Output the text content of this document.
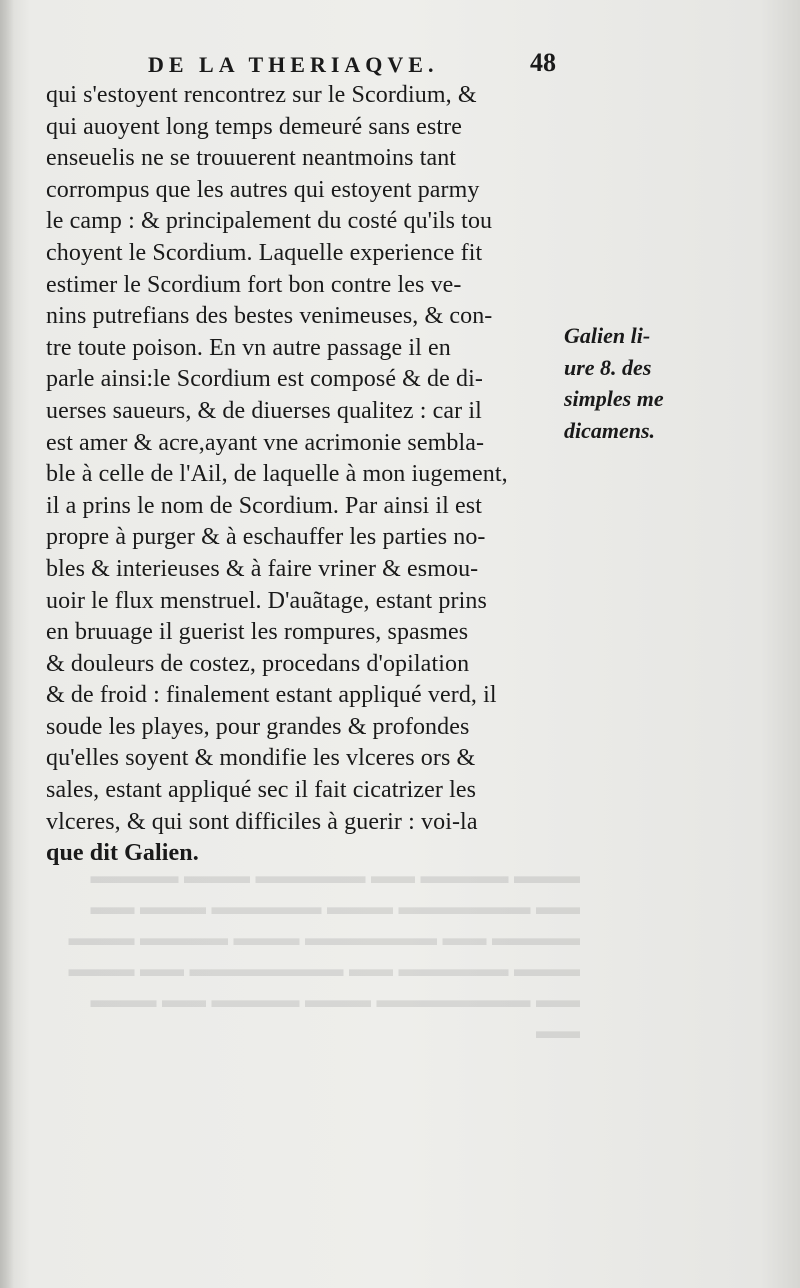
DE LA THERIAQVE.	48
qui s'estoyent rencontrez sur le Scordium, &
qui auoyent long temps demeuré sans estre
enseuelis ne se trouuerent neantmoins tant
corrompus que les autres qui estoyent parmy
le camp : & principalement du costé qu'ils tou
choyent le Scordium. Laquelle experience fit
estimer le Scordium fort bon contre les ve-
nins putrefians des bestes venimeuses, & con-
tre toute poison. En vn autre passage il en
parle ainsi:le Scordium est composé & de di-
uerses saueurs, & de diuerses qualitez : car il
est amer & acre,ayant vne acrimonie sembla-
ble à celle de l'Ail, de laquelle à mon iugement,
il a prins le nom de Scordium. Par ainsi il est
propre à purger & à eschauffer les parties no-
bles & interieuses & à faire vriner & esmou-
uoir le flux menstruel. D'auãtage, estant prins
en bruuage il guerist les rompures, spasmes
& douleurs de costez, procedans d'opilation
& de froid : finalement estant appliqué verd, il
soude les playes, pour grandes & profondes
qu'elles soyent & mondifie les vlceres ors &
sales, estant appliqué sec il fait cicatrizer les
vlceres, & qui sont difficiles à guerir : voi-la
que dit Galien.
Galien li-
ure 8. des
simples me
dicamens.
▬▬▬ ▬▬▬▬ ▬▬ ▬▬▬▬▬ ▬▬▬ ▬▬▬▬
▬▬ ▬▬▬▬▬▬ ▬▬▬ ▬▬▬▬▬ ▬▬▬ ▬▬
▬▬▬▬ ▬▬ ▬▬▬▬▬▬ ▬▬▬ ▬▬▬▬ ▬▬▬
▬▬▬ ▬▬▬▬▬ ▬▬ ▬▬▬▬▬▬▬ ▬▬ ▬▬▬
▬▬ ▬▬▬▬▬▬▬ ▬▬▬ ▬▬▬▬ ▬▬ ▬▬▬
▬▬
